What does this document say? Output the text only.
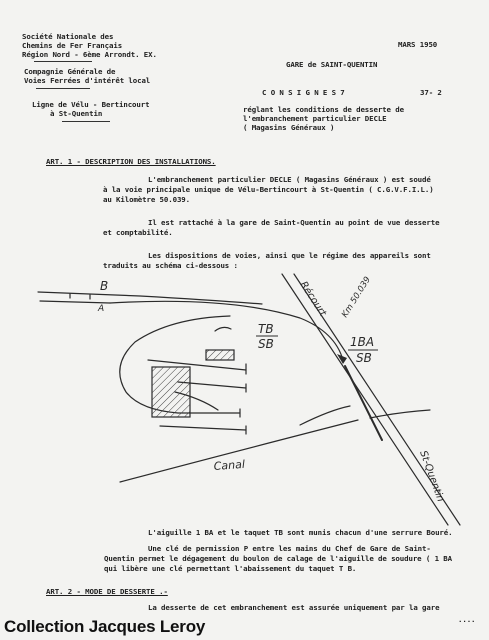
Société Nationale des
Chemins de Fer Français
Région Nord - 6ème Arrondt. EX.
Compagnie Générale de
Voies Ferrées d'intérêt local
Ligne de Vélu - Bertincourt
à St-Quentin
MARS 1950
GARE de SAINT-QUENTIN
C O N S I G N E S 7	37- 2
réglant les conditions de desserte de
l'embranchement particulier DECLE
( Magasins Généraux )
ART. 1 - DESCRIPTION DES INSTALLATIONS.
L'embranchement particulier DECLE ( Magasins Généraux ) est soudé
à la voie principale unique de Vélu-Bertincourt à St-Quentin ( C.G.V.F.I.L.)
au Kilomètre 50.039.
Il est rattaché à la gare de Saint-Quentin au point de vue desserte
et comptabilité.
Les dispositions de voies, ainsi que le régime des appareils sont
traduits au schéma ci-dessous :
B
A
TB
SB	1BA
SB
Récourt Km 50.039
Canal	St-Quentin
L'aiguille 1 BA et le taquet TB sont munis chacun d'une serrure Bouré.
Une clé de permission P entre les mains du Chef de Gare de Saint-
Quentin permet le dégagement du boulon de calage de l'aiguille de soudure ( 1 BA
qui libère une clé permettant l'abaissement du taquet T B.
ART. 2 - MODE DE DESSERTE .-
La desserte de cet embranchement est assurée uniquement par la gare
....
Collection Jacques Leroy
